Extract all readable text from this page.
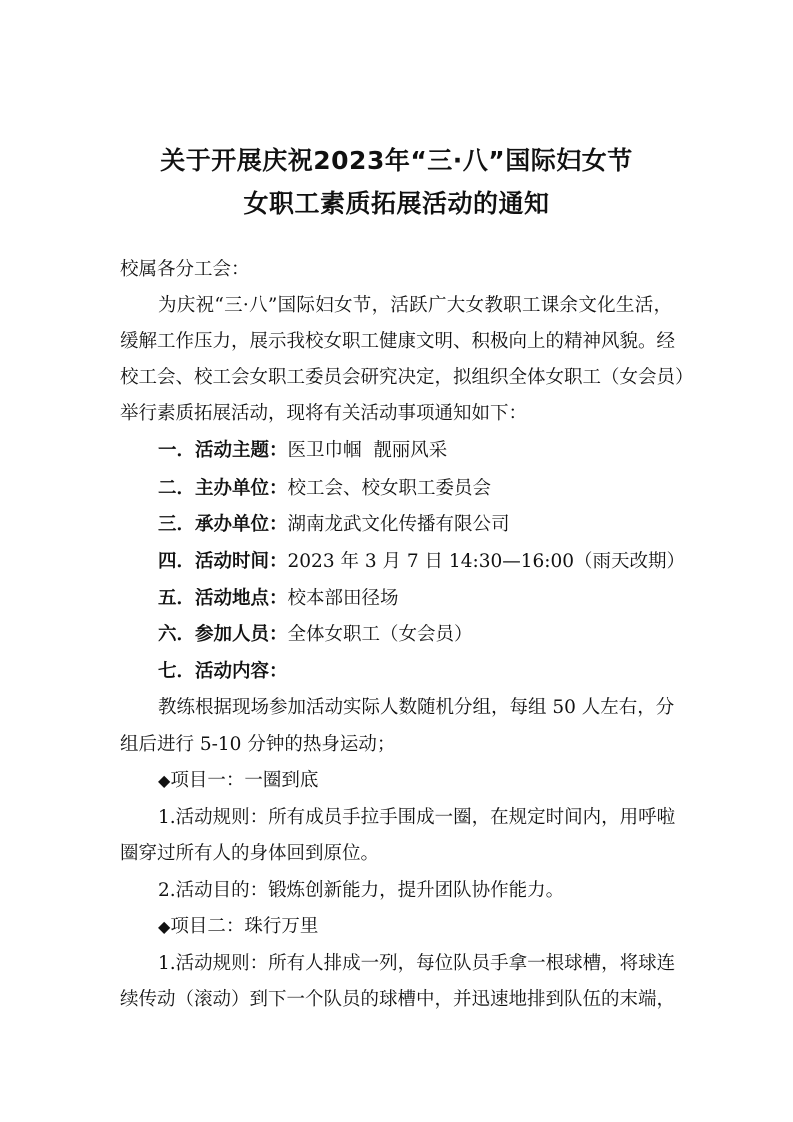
关于开展庆祝2023年“三·八”国际妇女节
女职工素质拓展活动的通知
校属各分工会：
为庆祝“三·八”国际妇女节，活跃广大女教职工课余文化生活，
缓解工作压力，展示我校女职工健康文明、积极向上的精神风貌。经
校工会、校工会女职工委员会研究决定，拟组织全体女职工（女会员）
举行素质拓展活动，现将有关活动事项通知如下：
一．活动主题：医卫巾帼  靓丽风采
二．主办单位：校工会、校女职工委员会
三．承办单位：湖南龙武文化传播有限公司
四．活动时间：2023 年 3 月 7 日 14:30—16:00（雨天改期）
五．活动地点：校本部田径场
六．参加人员：全体女职工（女会员）
七．活动内容：
教练根据现场参加活动实际人数随机分组，每组 50 人左右，分
组后进行 5-10 分钟的热身运动；
◆项目一：一圈到底
1.活动规则：所有成员手拉手围成一圈，在规定时间内，用呼啦
圈穿过所有人的身体回到原位。
2.活动目的：锻炼创新能力，提升团队协作能力。
◆项目二：珠行万里
1.活动规则：所有人排成一列，每位队员手拿一根球槽，将球连
续传动（滚动）到下一个队员的球槽中，并迅速地排到队伍的末端，
